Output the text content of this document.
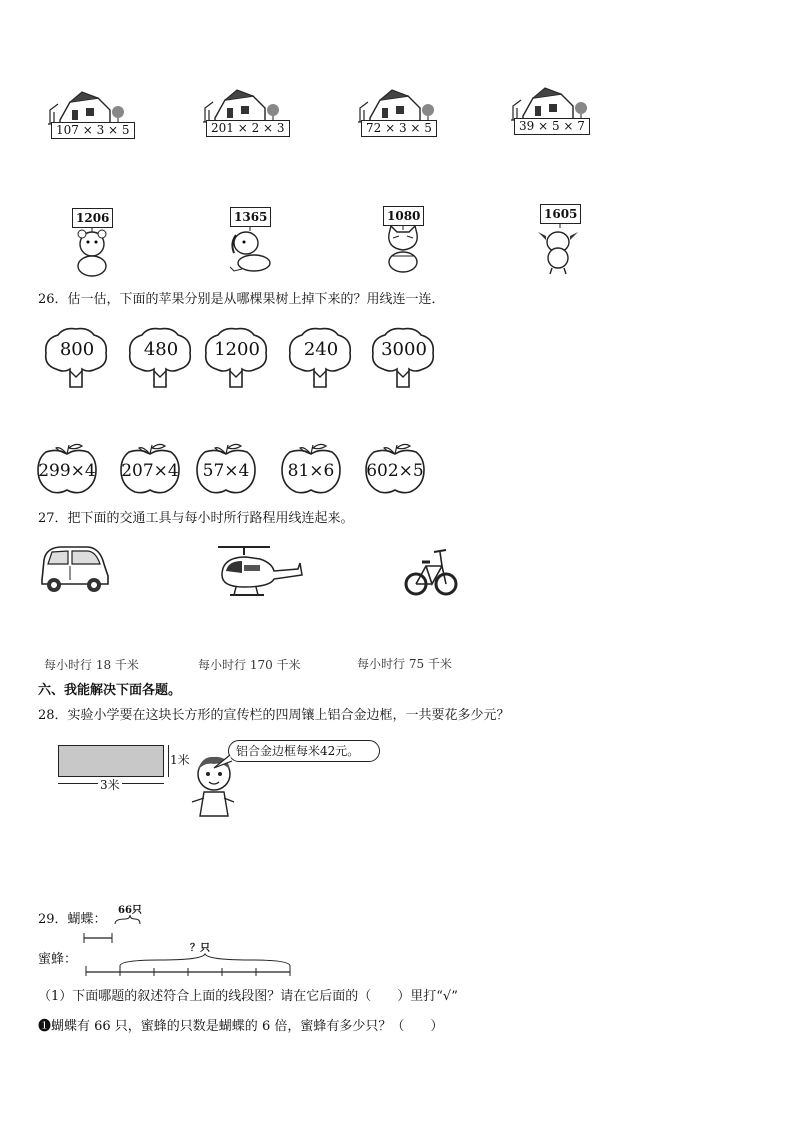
107 × 3 × 5	201 × 2 × 3	72 × 3 × 5	39 × 5 × 7
1206	1365	1080	1605
26．估一估，下面的苹果分别是从哪棵果树上掉下来的？用线连一连．
800	480	1200	240	3000
299×4 207×4	57×4	81×6	602×5
27．把下面的交通工具与每小时所行路程用线连起来。
每小时行 18 千米	每小时行 170 千米	每小时行 75 千米
六、我能解决下面各题。
28．实验小学要在这块长方形的宣传栏的四周镶上铝合金边框，一共要花多少元？
1米
3米
铝合金边框每米42元。
29．蝴蝶：
66只
蜜蜂：
？只
（1）下面哪题的叙述符合上面的线段图？请在它后面的（　　）里打“√”
❶蝴蝶有 66 只，蜜蜂的只数是蝴蝶的 6 倍，蜜蜂有多少只？（　　）
